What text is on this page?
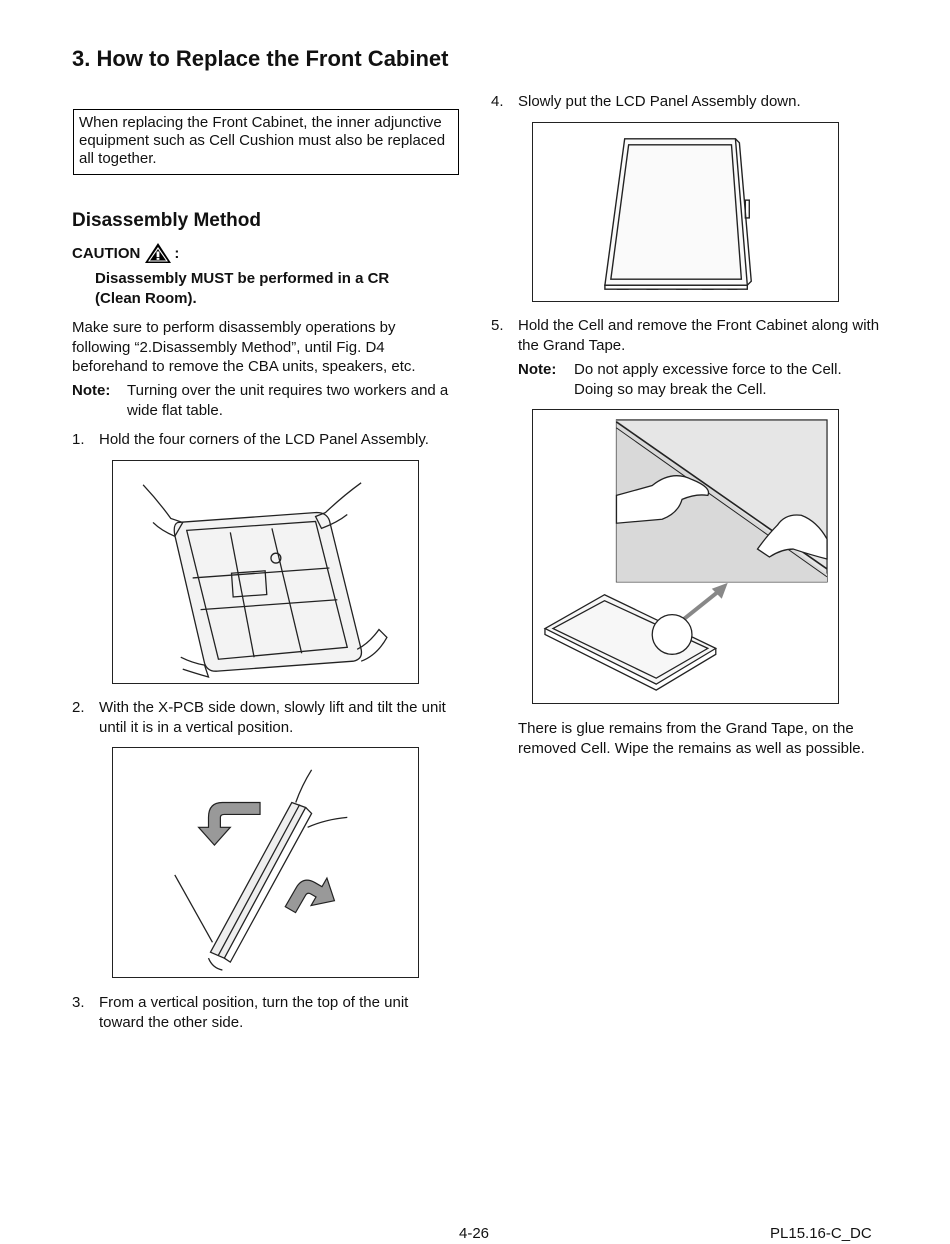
3. How to Replace the Front Cabinet
When replacing the Front Cabinet, the inner adjunctive equipment such as Cell Cushion must also be replaced all together.
Disassembly Method
CAUTION :
Disassembly MUST be performed in a CR
(Clean Room).
Make sure to perform disassembly operations by following “2.Disassembly Method”, until Fig. D4 beforehand to remove the CBA units, speakers, etc.
Note:	Turning over the unit requires two workers and a wide flat table.
1. Hold the four corners of the LCD Panel Assembly.
2. With the X-PCB side down, slowly lift and tilt the unit until it is in a vertical position.
3. From a vertical position, turn the top of the unit toward the other side.
4. Slowly put the LCD Panel Assembly down.
5. Hold the Cell and remove the Front Cabinet along with the Grand Tape.
Note:	Do not apply excessive force to the Cell. Doing so may break the Cell.
There is glue remains from the Grand Tape, on the removed Cell. Wipe the remains as well as possible.
4-26	PL15.16-C_DC
